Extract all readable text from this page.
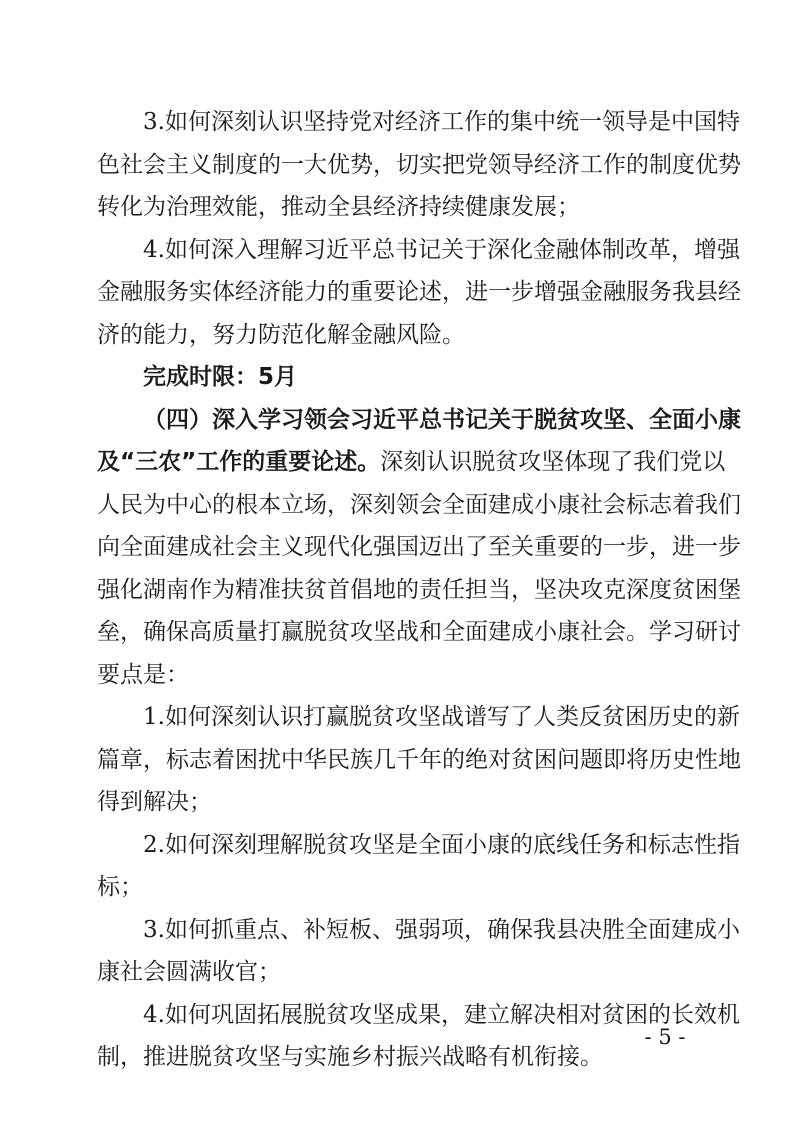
3.如何深刻认识坚持党对经济工作的集中统一领导是中国特
色社会主义制度的一大优势，切实把党领导经济工作的制度优势
转化为治理效能，推动全县经济持续健康发展；
4.如何深入理解习近平总书记关于深化金融体制改革，增强
金融服务实体经济能力的重要论述，进一步增强金融服务我县经
济的能力，努力防范化解金融风险。
完成时限：5月
（四）深入学习领会习近平总书记关于脱贫攻坚、全面小康
及“三农”工作的重要论述。深刻认识脱贫攻坚体现了我们党以
人民为中心的根本立场，深刻领会全面建成小康社会标志着我们
向全面建成社会主义现代化强国迈出了至关重要的一步，进一步
强化湖南作为精准扶贫首倡地的责任担当，坚决攻克深度贫困堡
垒，确保高质量打赢脱贫攻坚战和全面建成小康社会。学习研讨
要点是：
1.如何深刻认识打赢脱贫攻坚战谱写了人类反贫困历史的新
篇章，标志着困扰中华民族几千年的绝对贫困问题即将历史性地
得到解决；
2.如何深刻理解脱贫攻坚是全面小康的底线任务和标志性指
标；
3.如何抓重点、补短板、强弱项，确保我县决胜全面建成小
康社会圆满收官；
4.如何巩固拓展脱贫攻坚成果，建立解决相对贫困的长效机
制，推进脱贫攻坚与实施乡村振兴战略有机衔接。
- 5 -
